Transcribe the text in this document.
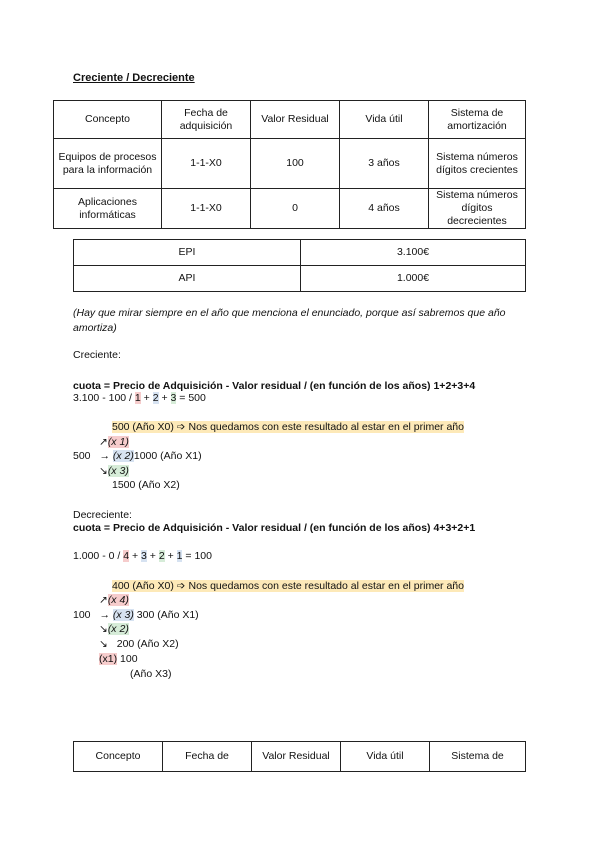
Creciente / Decreciente
Concepto	Fecha de adquisición	Valor Residual	Vida útil	Sistema de amortización
Equipos de procesos para la información	1-1-X0	100	3 años	Sistema números dígitos crecientes
Aplicaciones informáticas	1-1-X0	0	4 años	Sistema números dígitos decrecientes
EPI	3.100€
API	1.000€
(Hay que mirar siempre en el año que menciona el enunciado, porque así sabremos que año amortiza)
Creciente:
cuota = Precio de Adquisición - Valor residual / (en función de los años) 1+2+3+4
3.100 - 100 / 1 + 2 + 3 = 500
500 (Año X0) ➩ Nos quedamos con este resultado al estar en el primer año
↗(x 1)
500 → (x 2)1000 (Año X1)
↘(x 3)
1500 (Año X2)
Decreciente:
cuota = Precio de Adquisición - Valor residual / (en función de los años) 4+3+2+1
1.000 - 0 / 4 + 3 + 2 + 1 = 100
400 (Año X0) ➩ Nos quedamos con este resultado al estar en el primer año
↗(x 4)
100 → (x 3) 300 (Año X1)
↘(x 2)
↘ 200 (Año X2)
(x1) 100
(Año X3)
Concepto	Fecha de	Valor Residual	Vida útil	Sistema de
